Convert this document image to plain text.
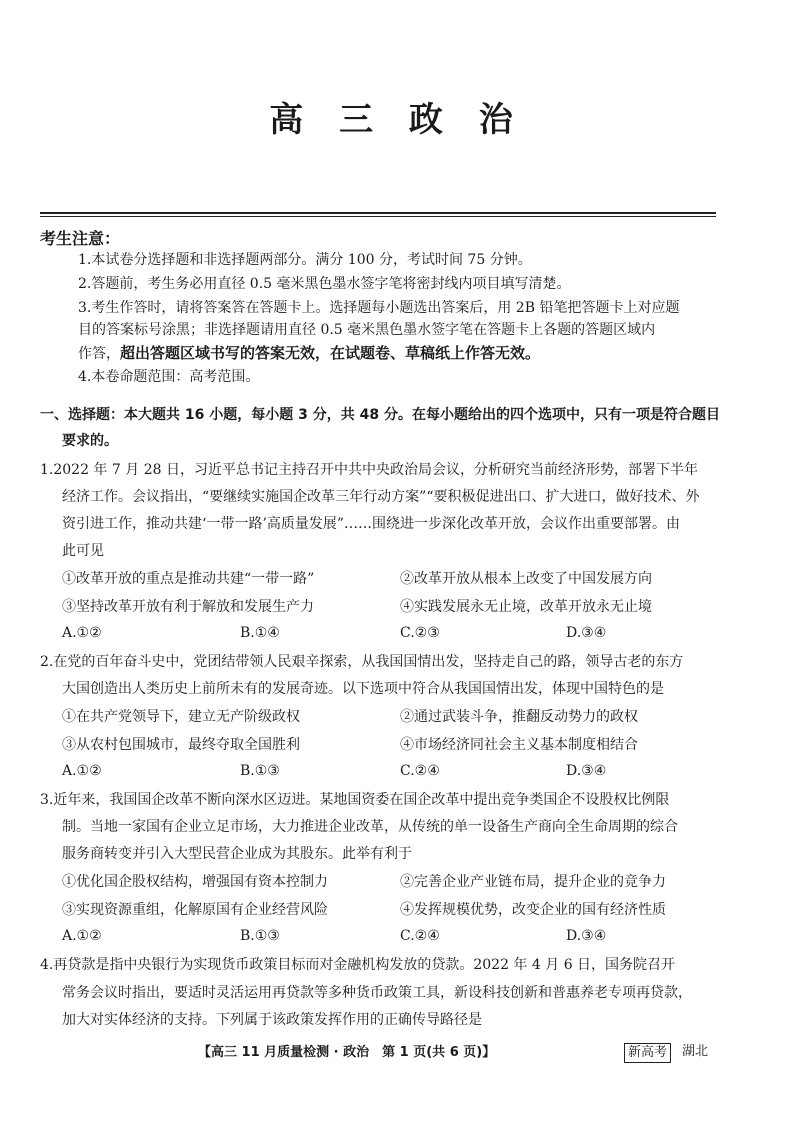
高 三 政 治
考生注意：
1.本试卷分选择题和非选择题两部分。满分 100 分，考试时间 75 分钟。
2.答题前，考生务必用直径 0.5 毫米黑色墨水签字笔将密封线内项目填写清楚。
3.考生作答时，请将答案答在答题卡上。选择题每小题选出答案后，用 2B 铅笔把答题卡上对应题
目的答案标号涂黑；非选择题请用直径 0.5 毫米黑色墨水签字笔在答题卡上各题的答题区域内
作答，超出答题区域书写的答案无效，在试题卷、草稿纸上作答无效。
4.本卷命题范围：高考范围。
一、选择题：本大题共 16 小题，每小题 3 分，共 48 分。在每小题给出的四个选项中，只有一项是符合题目
要求的。
1.2022 年 7 月 28 日，习近平总书记主持召开中共中央政治局会议，分析研究当前经济形势，部署下半年
经济工作。会议指出，“要继续实施国企改革三年行动方案”“要积极促进出口、扩大进口，做好技术、外
资引进工作，推动共建‘一带一路’高质量发展”……围绕进一步深化改革开放，会议作出重要部署。由
此可见
①改革开放的重点是推动共建“一带一路”	②改革开放从根本上改变了中国发展方向
③坚持改革开放有利于解放和发展生产力	④实践发展永无止境，改革开放永无止境
A.①②	B.①④	C.②③	D.③④
2.在党的百年奋斗史中，党团结带领人民艰辛探索，从我国国情出发，坚持走自己的路，领导古老的东方
大国创造出人类历史上前所未有的发展奇迹。以下选项中符合从我国国情出发，体现中国特色的是
①在共产党领导下，建立无产阶级政权	②通过武装斗争，推翻反动势力的政权
③从农村包围城市，最终夺取全国胜利	④市场经济同社会主义基本制度相结合
A.①②	B.①③	C.②④	D.③④
3.近年来，我国国企改革不断向深水区迈进。某地国资委在国企改革中提出竞争类国企不设股权比例限
制。当地一家国有企业立足市场，大力推进企业改革，从传统的单一设备生产商向全生命周期的综合
服务商转变并引入大型民营企业成为其股东。此举有利于
①优化国企股权结构，增强国有资本控制力	②完善企业产业链布局，提升企业的竞争力
③实现资源重组，化解原国有企业经营风险	④发挥规模优势，改变企业的国有经济性质
A.①②	B.①③	C.②④	D.③④
4.再贷款是指中央银行为实现货币政策目标而对金融机构发放的贷款。2022 年 4 月 6 日，国务院召开
常务会议时指出，要适时灵活运用再贷款等多种货币政策工具，新设科技创新和普惠养老专项再贷款，
加大对实体经济的支持。下列属于该政策发挥作用的正确传导路径是
【高三 11 月质量检测 · 政治　第 1 页(共 6 页)】	新高考	湖北
